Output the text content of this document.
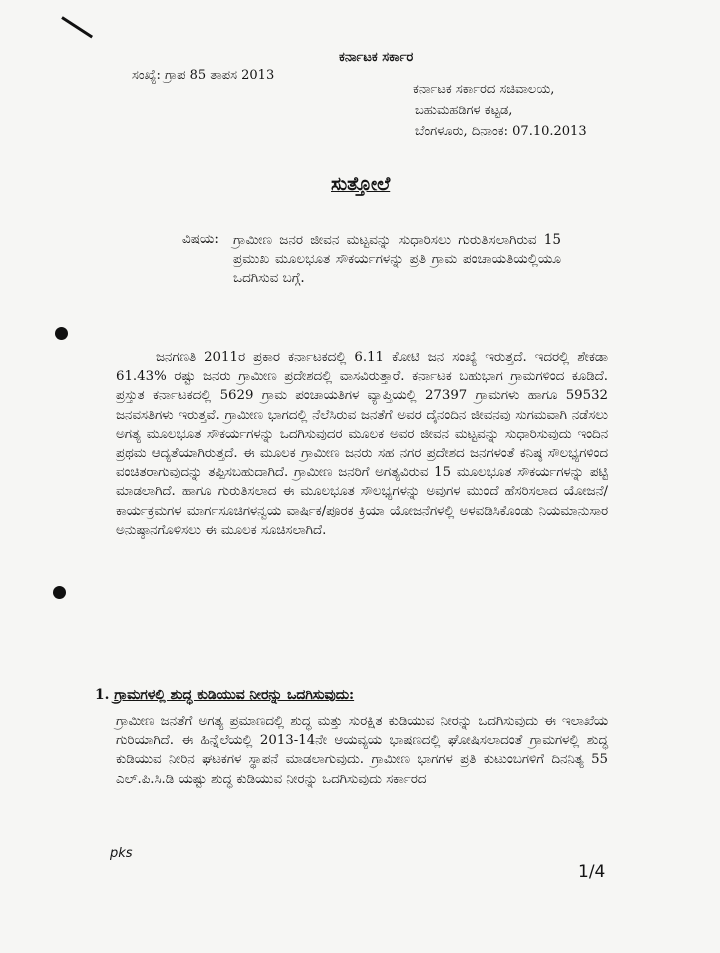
ಕರ್ನಾಟಕ ಸರ್ಕಾರ
ಸಂಖ್ಯೆ: ಗ್ರಾಪ 85 ತಾಪಸ 2013
ಕರ್ನಾಟಕ ಸರ್ಕಾರದ ಸಚಿವಾಲಯ,
ಬಹುಮಹಡಿಗಳ ಕಟ್ಟಡ,
ಬೆಂಗಳೂರು, ದಿನಾಂಕ: 07.10.2013
ಸುತ್ತೋಲೆ
ವಿಷಯ: ಗ್ರಾಮೀಣ ಜನರ ಜೀವನ ಮಟ್ಟವನ್ನು ಸುಧಾರಿಸಲು ಗುರುತಿಸಲಾಗಿರುವ 15 ಪ್ರಮುಖ ಮೂಲಭೂತ ಸೌಕರ್ಯಗಳನ್ನು ಪ್ರತಿ ಗ್ರಾಮ ಪಂಚಾಯತಿಯಲ್ಲಿಯೂ ಒದಗಿಸುವ ಬಗ್ಗೆ.
ಜನಗಣತಿ 2011ರ ಪ್ರಕಾರ ಕರ್ನಾಟಕದಲ್ಲಿ 6.11 ಕೋಟಿ ಜನ ಸಂಖ್ಯೆ ಇರುತ್ತದೆ. ಇದರಲ್ಲಿ ಶೇಕಡಾ 61.43% ರಷ್ಟು ಜನರು ಗ್ರಾಮೀಣ ಪ್ರದೇಶದಲ್ಲಿ ವಾಸವಿರುತ್ತಾರೆ. ಕರ್ನಾಟಕ ಬಹುಭಾಗ ಗ್ರಾಮಗಳಿಂದ ಕೂಡಿದೆ. ಪ್ರಸ್ತುತ ಕರ್ನಾಟಕದಲ್ಲಿ 5629 ಗ್ರಾಮ ಪಂಚಾಯತಿಗಳ ವ್ಯಾಪ್ತಿಯಲ್ಲಿ 27397 ಗ್ರಾಮಗಳು ಹಾಗೂ 59532 ಜನವಸತಿಗಳು ಇರುತ್ತವೆ. ಗ್ರಾಮೀಣ ಭಾಗದಲ್ಲಿ ನೆಲೆಸಿರುವ ಜನತೆಗೆ ಅವರ ದೈನಂದಿನ ಜೀವನವು ಸುಗಮವಾಗಿ ನಡೆಸಲು ಅಗತ್ಯ ಮೂಲಭೂತ ಸೌಕರ್ಯಗಳನ್ನು ಒದಗಿಸುವುದರ ಮೂಲಕ ಅವರ ಜೀವನ ಮಟ್ಟವನ್ನು ಸುಧಾರಿಸುವುದು ಇಂದಿನ ಪ್ರಥಮ ಆದ್ಯತೆಯಾಗಿರುತ್ತದೆ. ಈ ಮೂಲಕ ಗ್ರಾಮೀಣ ಜನರು ಸಹ ನಗರ ಪ್ರದೇಶದ ಜನಗಳಂತೆ ಕನಿಷ್ಠ ಸೌಲಭ್ಯಗಳಿಂದ ವಂಚಿತರಾಗುವುದನ್ನು ತಪ್ಪಿಸಬಹುದಾಗಿದೆ. ಗ್ರಾಮೀಣ ಜನರಿಗೆ ಅಗತ್ಯವಿರುವ 15 ಮೂಲಭೂತ ಸೌಕರ್ಯಗಳನ್ನು ಪಟ್ಟಿ ಮಾಡಲಾಗಿದೆ. ಹಾಗೂ ಗುರುತಿಸಲಾದ ಈ ಮೂಲಭೂತ ಸೌಲಭ್ಯಗಳನ್ನು ಅವುಗಳ ಮುಂದೆ ಹೆಸರಿಸಲಾದ ಯೋಜನೆ/ಕಾರ್ಯಕ್ರಮಗಳ ಮಾರ್ಗಸೂಚಿಗಳನ್ವಯ ವಾರ್ಷಿಕ/ಪೂರಕ ಕ್ರಿಯಾ ಯೋಜನೆಗಳಲ್ಲಿ ಅಳವಡಿಸಿಕೊಂಡು ನಿಯಮಾನುಸಾರ ಅನುಷ್ಠಾನಗೊಳಿಸಲು ಈ ಮೂಲಕ ಸೂಚಿಸಲಾಗಿದೆ.
1. ಗ್ರಾಮಗಳಲ್ಲಿ ಶುದ್ಧ ಕುಡಿಯುವ ನೀರನ್ನು ಒದಗಿಸುವುದು:
ಗ್ರಾಮೀಣ ಜನತೆಗೆ ಅಗತ್ಯ ಪ್ರಮಾಣದಲ್ಲಿ ಶುದ್ಧ ಮತ್ತು ಸುರಕ್ಷಿತ ಕುಡಿಯುವ ನೀರನ್ನು ಒದಗಿಸುವುದು ಈ ಇಲಾಖೆಯ ಗುರಿಯಾಗಿದೆ. ಈ ಹಿನ್ನೆಲೆಯಲ್ಲಿ 2013-14ನೇ ಆಯವ್ಯಯ ಭಾಷಣದಲ್ಲಿ ಘೋಷಿಸಲಾದಂತೆ ಗ್ರಾಮಗಳಲ್ಲಿ ಶುದ್ಧ ಕುಡಿಯುವ ನೀರಿನ ಘಟಕಗಳ ಸ್ಥಾಪನೆ ಮಾಡಲಾಗುವುದು. ಗ್ರಾಮೀಣ ಭಾಗಗಳ ಪ್ರತಿ ಕುಟುಂಬಗಳಿಗೆ ದಿನನಿತ್ಯ 55 ಎಲ್.ಪಿ.ಸಿ.ಡಿ ಯಷ್ಟು ಶುದ್ಧ ಕುಡಿಯುವ ನೀರನ್ನು ಒದಗಿಸುವುದು ಸರ್ಕಾರದ
pks
1/4
